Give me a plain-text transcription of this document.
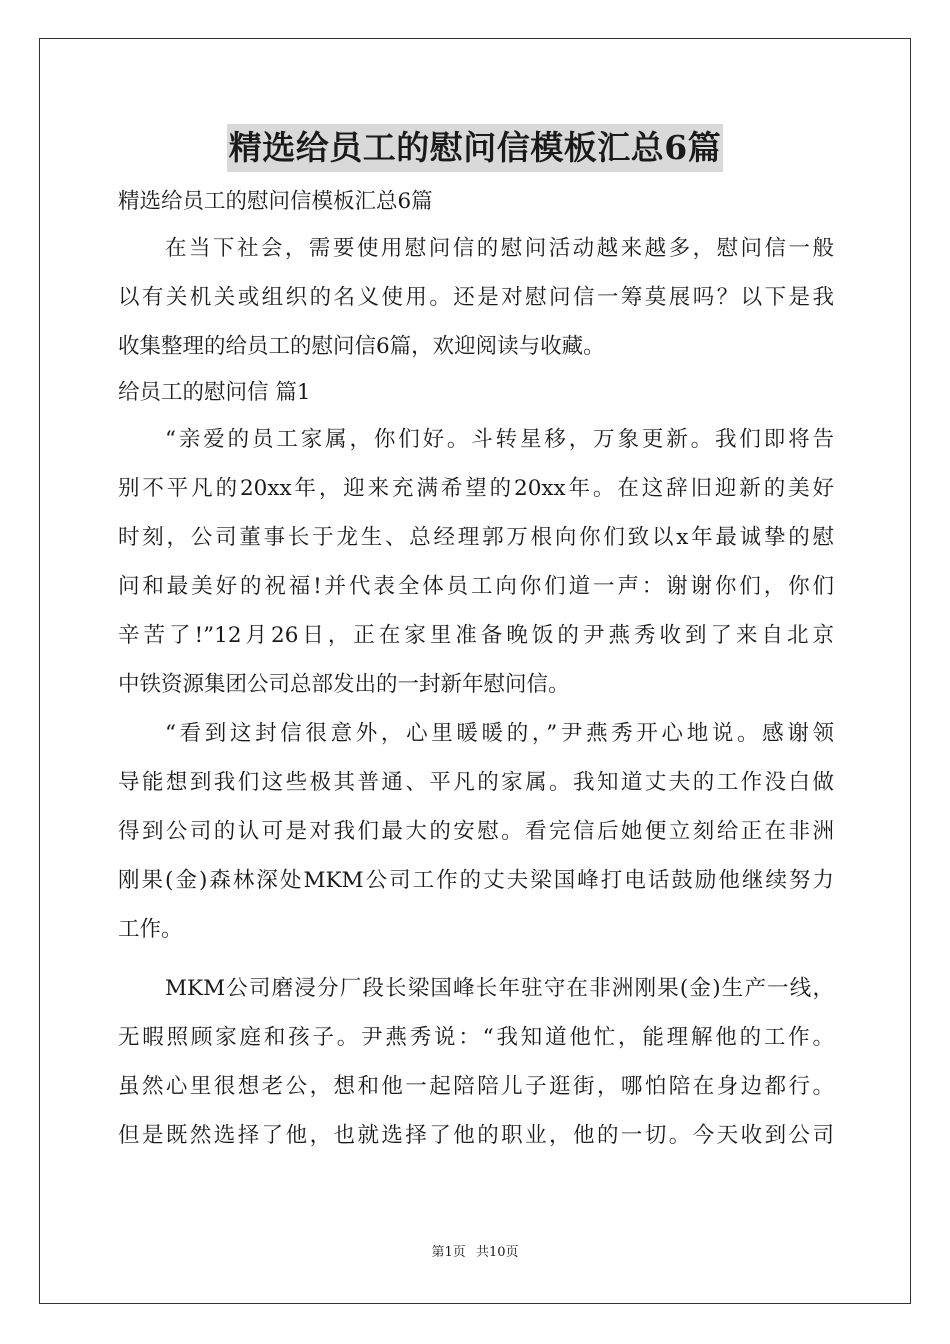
精选给员工的慰问信模板汇总6篇

精选给员工的慰问信模板汇总6篇

在当下社会，需要使用慰问信的慰问活动越来越多，慰问信一般

以有关机关或组织的名义使用。还是对慰问信一筹莫展吗？以下是我

收集整理的给员工的慰问信6篇，欢迎阅读与收藏。

给员工的慰问信 篇1

“亲爱的员工家属，你们好。斗转星移，万象更新。我们即将告

别不平凡的20xx年，迎来充满希望的20xx年。在这辞旧迎新的美好

时刻，公司董事长于龙生、总经理郭万根向你们致以x年最诚挚的慰

问和最美好的祝福!并代表全体员工向你们道一声：谢谢你们，你们

辛苦了!”12月26日，正在家里准备晚饭的尹燕秀收到了来自北京

中铁资源集团公司总部发出的一封新年慰问信。

“看到这封信很意外，心里暖暖的，”尹燕秀开心地说。感谢领

导能想到我们这些极其普通、平凡的家属。我知道丈夫的工作没白做

得到公司的认可是对我们最大的安慰。看完信后她便立刻给正在非洲

刚果(金)森林深处MKM公司工作的丈夫梁国峰打电话鼓励他继续努力

工作。

MKM公司磨浸分厂段长梁国峰长年驻守在非洲刚果(金)生产一线，

无暇照顾家庭和孩子。尹燕秀说：“我知道他忙，能理解他的工作。

虽然心里很想老公，想和他一起陪陪儿子逛街，哪怕陪在身边都行。

但是既然选择了他，也就选择了他的职业，他的一切。今天收到公司

第1页 共10页
